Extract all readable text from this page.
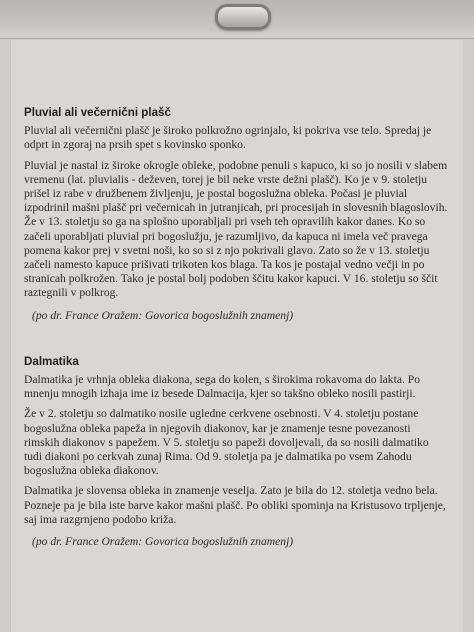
Pluvial ali večernični plašč

Pluvial ali večernični plašč je široko polkrožno ogrinjalo, ki pokriva vse telo. Spredaj je odprt in zgoraj na prsih spet s kovinsko sponko.

Pluvial je nastal iz široke okrogle obleke, podobne penuli s kapuco, ki so jo nosili v slabem vremenu (lat. pluvialis - deževen, torej je bil neke vrste dežni plašč). Ko je v 9. stoletju prišel iz rabe v družbenem življenju, je postal bogoslužna obleka. Počasi je pluvial izpodrinil mašni plašč pri večernicah in jutranjicah, pri procesijah in slovesnih blagoslovih. Že v 13. stoletju so ga na splošno uporabljali pri vseh teh opravilih kakor danes. Ko so začeli uporabljati pluvial pri bogoslužju, je razumljivo, da kapuca ni imela več pravega pomena kakor prej v svetni noši, ko so si z njo pokrivali glavo. Zato so že v 13. stoletju začeli namesto kapuce prišivati trikoten kos blaga. Ta kos je postajal vedno večji in po stranicah polkrožen. Tako je postal bolj podoben ščitu kakor kapuci. V 16. stoletju so ščit raztegnili v polkrog.

(po dr. France Oražem: Govorica bogoslužnih znamenj)

Dalmatika

Dalmatika je vrhnja obleka diakona, sega do kolen, s širokima rokavoma do lakta. Po mnenju mnogih izhaja ime iz besede Dalmacija, kjer so takšno obleko nosili pastirji.

Že v 2. stoletju so dalmatiko nosile ugledne cerkvene osebnosti. V 4. stoletju postane bogoslužna obleka papeža in njegovih diakonov, kar je znamenje tesne povezanosti rimskih diakonov s papežem. V 5. stoletju so papeži dovoljevali, da so nosili dalmatiko tudi diakoni po cerkvah zunaj Rima. Od 9. stoletja pa je dalmatika po vsem Zahodu bogoslužna obleka diakonov.

Dalmatika je slovensa obleka in znamenje veselja. Zato je bila do 12. stoletja vedno bela. Pozneje pa je bila iste barve kakor mašni plašč. Po obliki spominja na Kristusovo trpljenje, saj ima razgrnjeno podobo križa.

(po dr. France Oražem: Govorica bogoslužnih znamenj)
